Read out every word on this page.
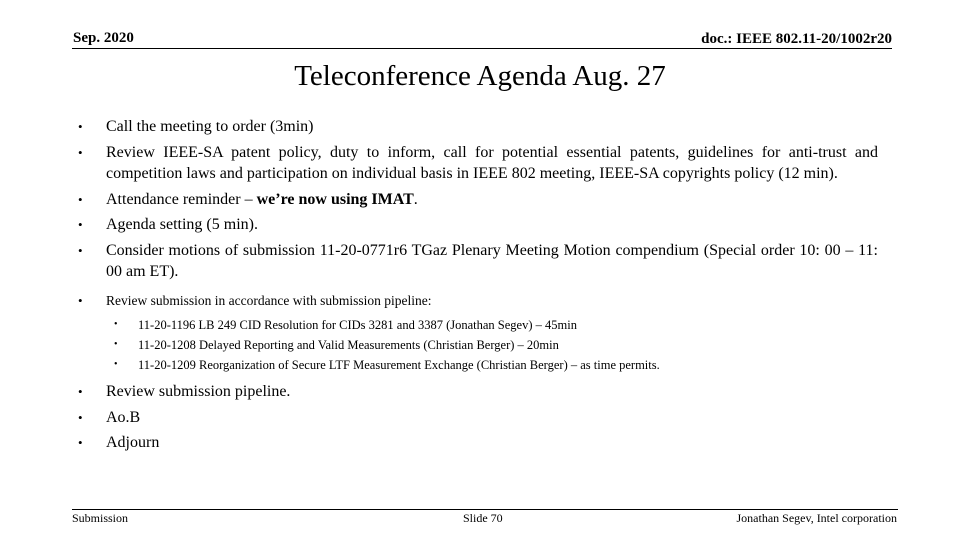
Sep. 2020	doc.: IEEE 802.11-20/1002r20
Teleconference Agenda Aug. 27
• Call the meeting to order (3min)
• Review IEEE-SA patent policy, duty to inform, call for potential essential patents, guidelines for anti-trust and competition laws and participation on individual basis in IEEE 802 meeting, IEEE-SA copyrights policy (12 min).
• Attendance reminder – we’re now using IMAT.
• Agenda setting (5 min).
• Consider motions of submission 11-20-0771r6 TGaz Plenary Meeting Motion compendium (Special order 10: 00 – 11: 00 am ET).
• Review submission in accordance with submission pipeline:
• 11-20-1196 LB 249 CID Resolution for CIDs 3281 and 3387 (Jonathan Segev) – 45min
• 11-20-1208 Delayed Reporting and Valid Measurements (Christian Berger) – 20min
• 11-20-1209 Reorganization of Secure LTF Measurement Exchange (Christian Berger) – as time permits.
• Review submission pipeline.
• Ao.B
• Adjourn
Submission	Slide 70	Jonathan Segev, Intel corporation
